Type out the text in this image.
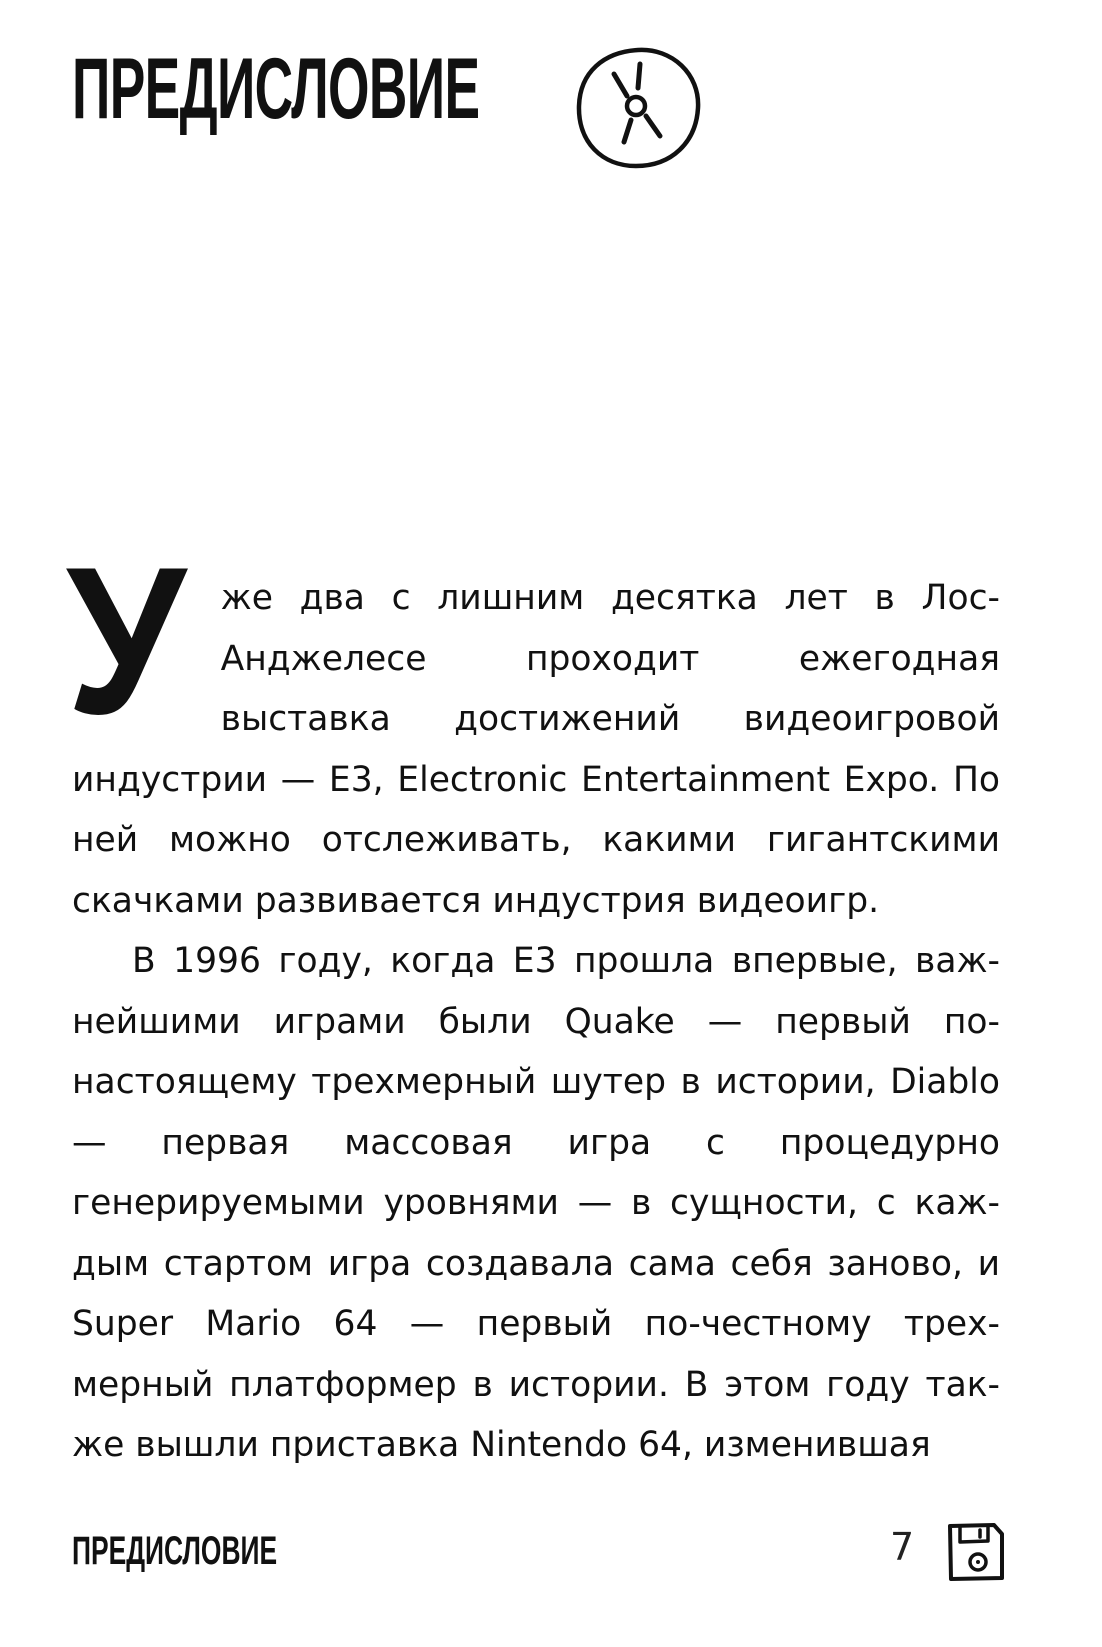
ПРЕДИСЛОВИЕ

Уже два с лишним десятка лет в Лос-Анджелесе проходит ежегодная выставка достижений видеоигровой индустрии — E3, Electronic Entertainment Expo. По ней можно отслеживать, какими гигантскими скачками развивается индустрия видеоигр.

В 1996 году, когда E3 прошла впервые, важнейшими играми были Quake — первый по-настоящему трехмерный шутер в истории, Diablo — первая массовая игра с процедурно генерируемыми уровнями — в сущности, с каждым стартом игра создавала сама себя заново, и Super Mario 64 — первый по-честному трехмерный платформер в истории. В этом году также вышли приставка Nintendo 64, изменившая

ПРЕДИСЛОВИЕ	7
